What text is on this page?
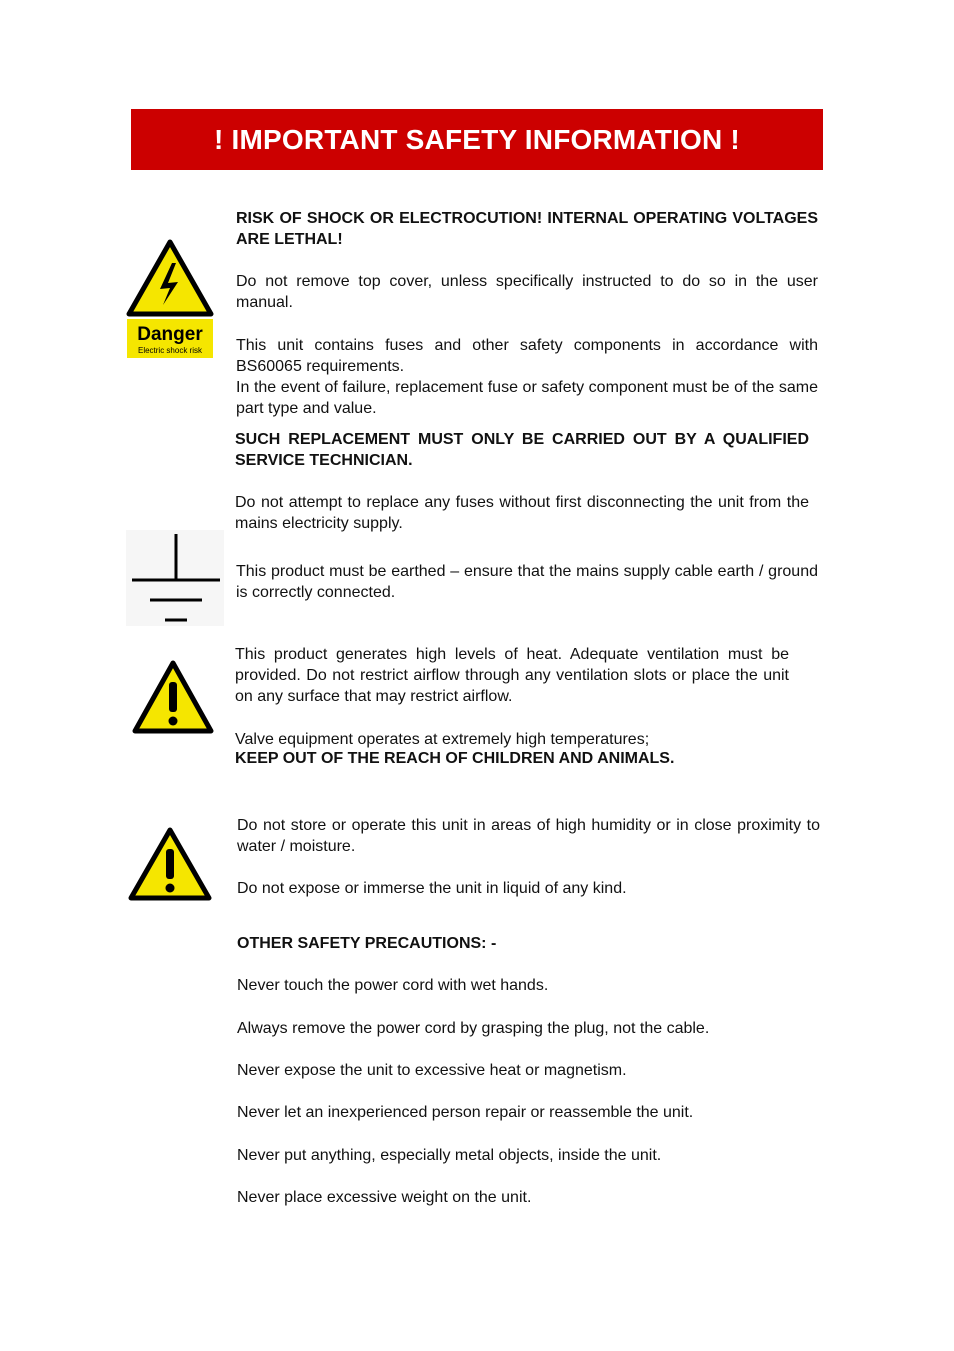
! IMPORTANT SAFETY INFORMATION !
Danger
Electric shock risk
RISK OF SHOCK OR ELECTROCUTION! INTERNAL OPERATING VOLTAGES ARE LETHAL!
Do not remove top cover, unless specifically instructed to do so in the user manual.
This unit contains fuses and other safety components in accordance with BS60065 requirements.
In the event of failure, replacement fuse or safety component must be of the same part type and value.
SUCH REPLACEMENT MUST ONLY BE CARRIED OUT BY A QUALIFIED SERVICE TECHNICIAN.
Do not attempt to replace any fuses without first disconnecting the unit from the mains electricity supply.
This product must be earthed – ensure that the mains supply cable earth / ground is correctly connected.
This product generates high levels of heat. Adequate ventilation must be provided. Do not restrict airflow through any ventilation slots or place the unit on any surface that may restrict airflow.
Valve equipment operates at extremely high temperatures;
KEEP OUT OF THE REACH OF CHILDREN AND ANIMALS.
Do not store or operate this unit in areas of high humidity or in close proximity to water / moisture.
Do not expose or immerse the unit in liquid of any kind.
OTHER SAFETY PRECAUTIONS: -
Never touch the power cord with wet hands.
Always remove the power cord by grasping the plug, not the cable.
Never expose the unit to excessive heat or magnetism.
Never let an inexperienced person repair or reassemble the unit.
Never put anything, especially metal objects, inside the unit.
Never place excessive weight on the unit.
